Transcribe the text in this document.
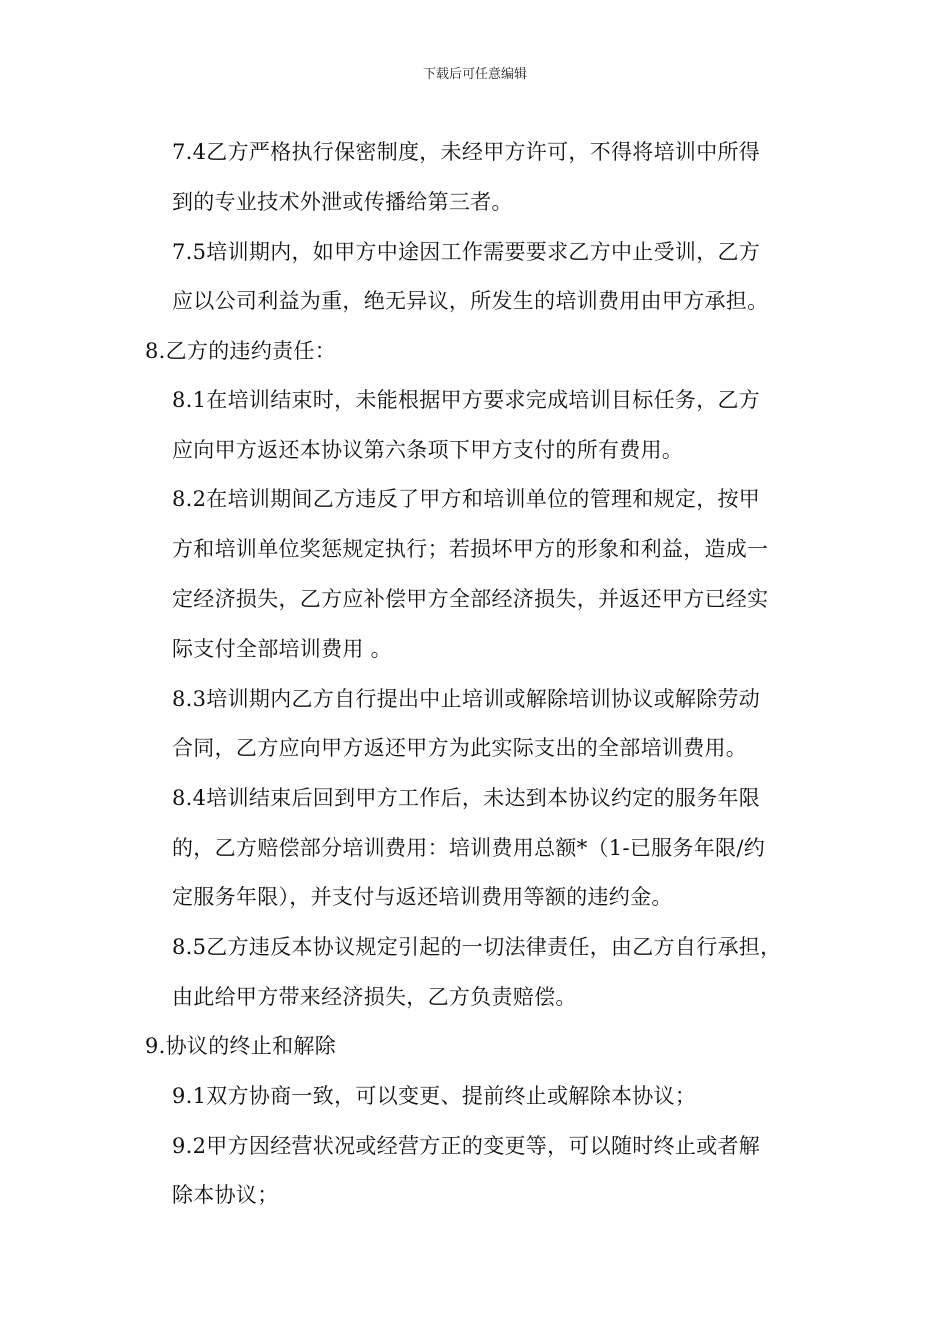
下载后可任意编辑
7.4乙方严格执行保密制度，未经甲方许可，不得将培训中所得
到的专业技术外泄或传播给第三者。
7.5培训期内，如甲方中途因工作需要要求乙方中止受训，乙方
应以公司利益为重，绝无异议，所发生的培训费用由甲方承担。
8.乙方的违约责任：
8.1在培训结束时，未能根据甲方要求完成培训目标任务，乙方
应向甲方返还本协议第六条项下甲方支付的所有费用。
8.2在培训期间乙方违反了甲方和培训单位的管理和规定，按甲
方和培训单位奖惩规定执行；若损坏甲方的形象和利益，造成一
定经济损失，乙方应补偿甲方全部经济损失，并返还甲方已经实
际支付全部培训费用 。
8.3培训期内乙方自行提出中止培训或解除培训协议或解除劳动
合同，乙方应向甲方返还甲方为此实际支出的全部培训费用。
8.4培训结束后回到甲方工作后，未达到本协议约定的服务年限
的，乙方赔偿部分培训费用：培训费用总额*（1-已服务年限/约
定服务年限），并支付与返还培训费用等额的违约金。
8.5乙方违反本协议规定引起的一切法律责任，由乙方自行承担，
由此给甲方带来经济损失，乙方负责赔偿。
9.协议的终止和解除
9.1双方协商一致，可以变更、提前终止或解除本协议；
9.2甲方因经营状况或经营方正的变更等，可以随时终止或者解
除本协议；
